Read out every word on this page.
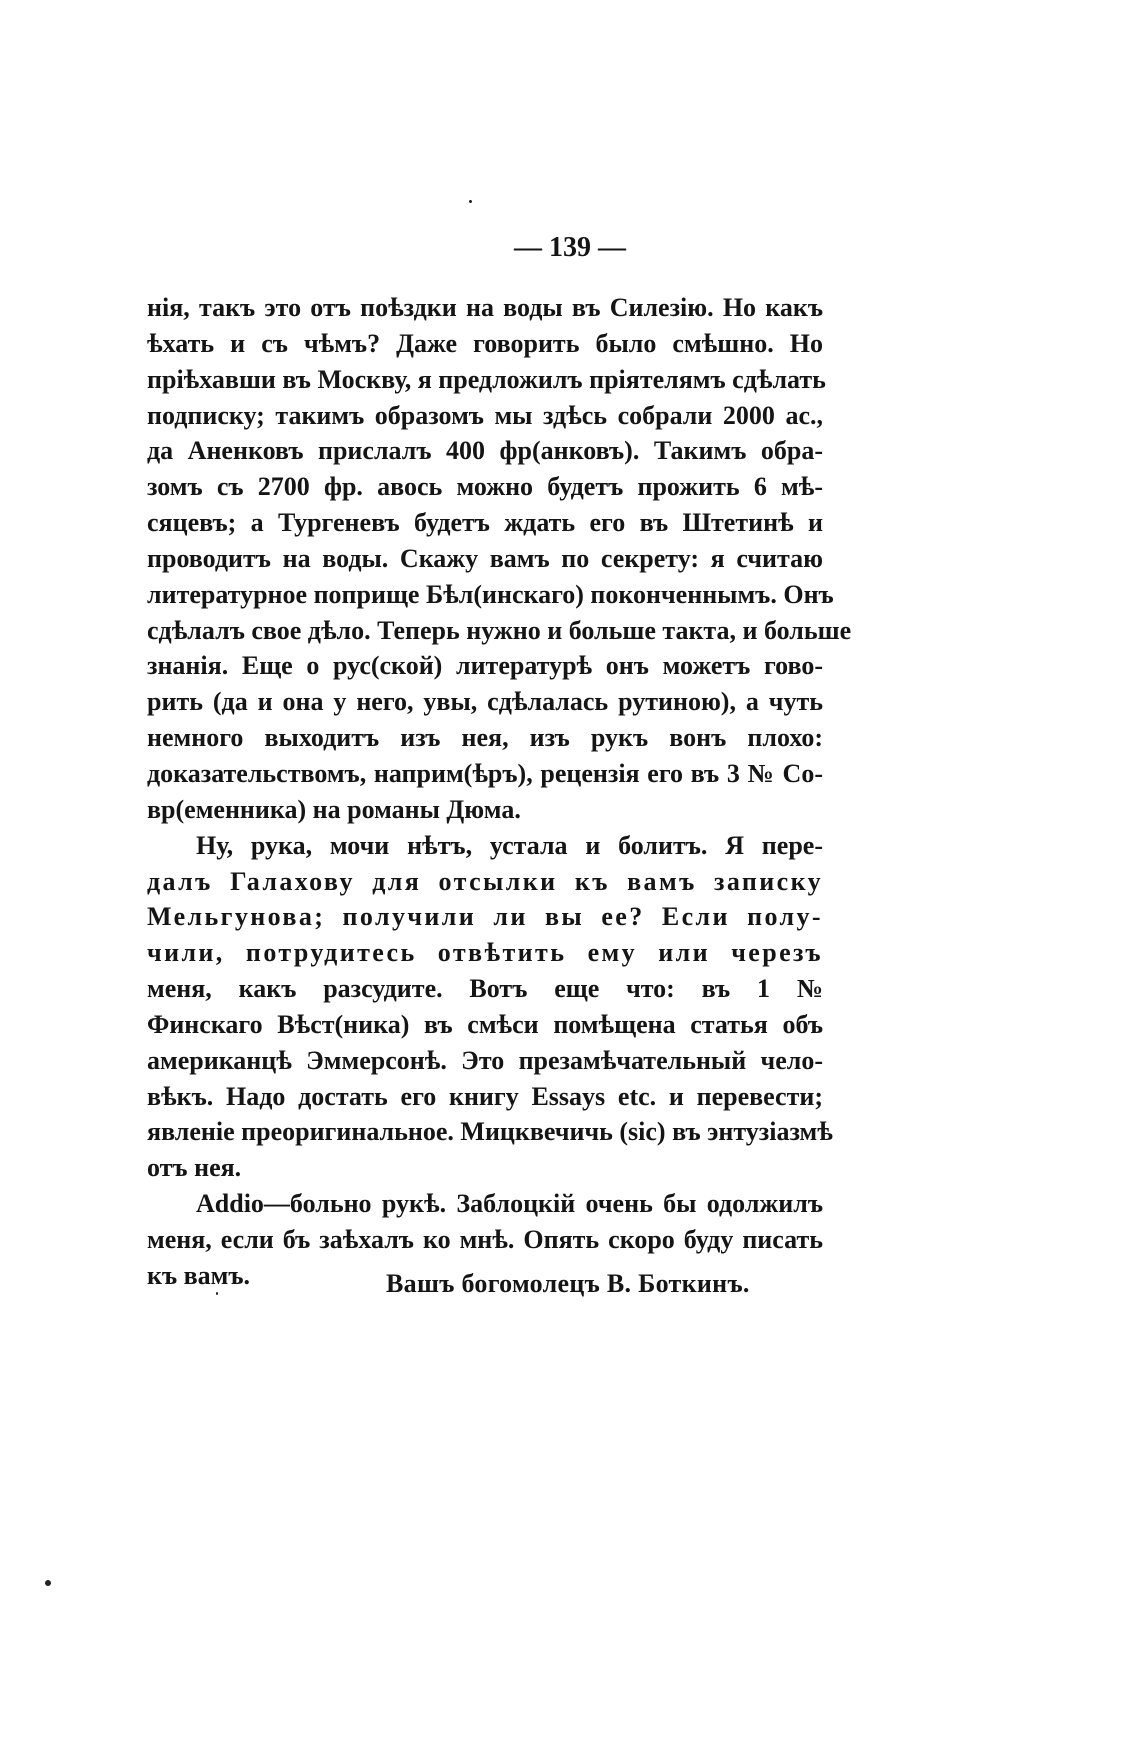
— 139 —
нія, такъ это отъ поѣздки на воды въ Силезію. Но какъ
ѣхать и съ чѣмъ? Даже говорить было смѣшно. Но
пріѣхавши въ Москву, я предложилъ пріятелямъ сдѣлать
подписку; такимъ образомъ мы здѣсь собрали 2000 ас.,
да Аненковъ прислалъ 400 фр(анковъ). Такимъ обра-
зомъ съ 2700 фр. авось можно будетъ прожить 6 мѣ-
сяцевъ; а Тургеневъ будетъ ждать его въ Штетинѣ и
проводитъ на воды. Скажу вамъ по секрету: я считаю
литературное поприще Бѣл(инскаго) поконченнымъ. Онъ
сдѣлалъ свое дѣло. Теперь нужно и больше такта, и больше
знанія. Еще о рус(ской) литературѣ онъ можетъ гово-
рить (да и она у него, увы, сдѣлалась рутиною), а чуть
немного выходитъ изъ нея, изъ рукъ вонъ плохо:
доказательствомъ, наприм(ѣръ), рецензія его въ 3 № Со-
вр(еменника) на романы Дюма.
Ну, рука, мочи нѣтъ, устала и болитъ. Я пере-
далъ Галахову для отсылки къ вамъ записку
Мельгунова; получили ли вы ее? Если полу-
чили, потрудитесь отвѣтить ему или черезъ
меня, какъ разсудите. Вотъ еще что: въ 1 №
Финскаго Вѣст(ника) въ смѣси помѣщена статья объ
американцѣ Эммерсонѣ. Это презамѣчательный чело-
вѣкъ. Надо достать его книгу Essays etc. и перевести;
явленіе преоригинальное. Мицквечичь (sic) въ энтузіазмѣ
отъ нея.
Addio—больно рукѣ. Заблоцкій очень бы одолжилъ
меня, если бъ заѣхалъ ко мнѣ. Опять скоро буду писать
къ вамъ.	Вашъ богомолецъ В. Боткинъ.
